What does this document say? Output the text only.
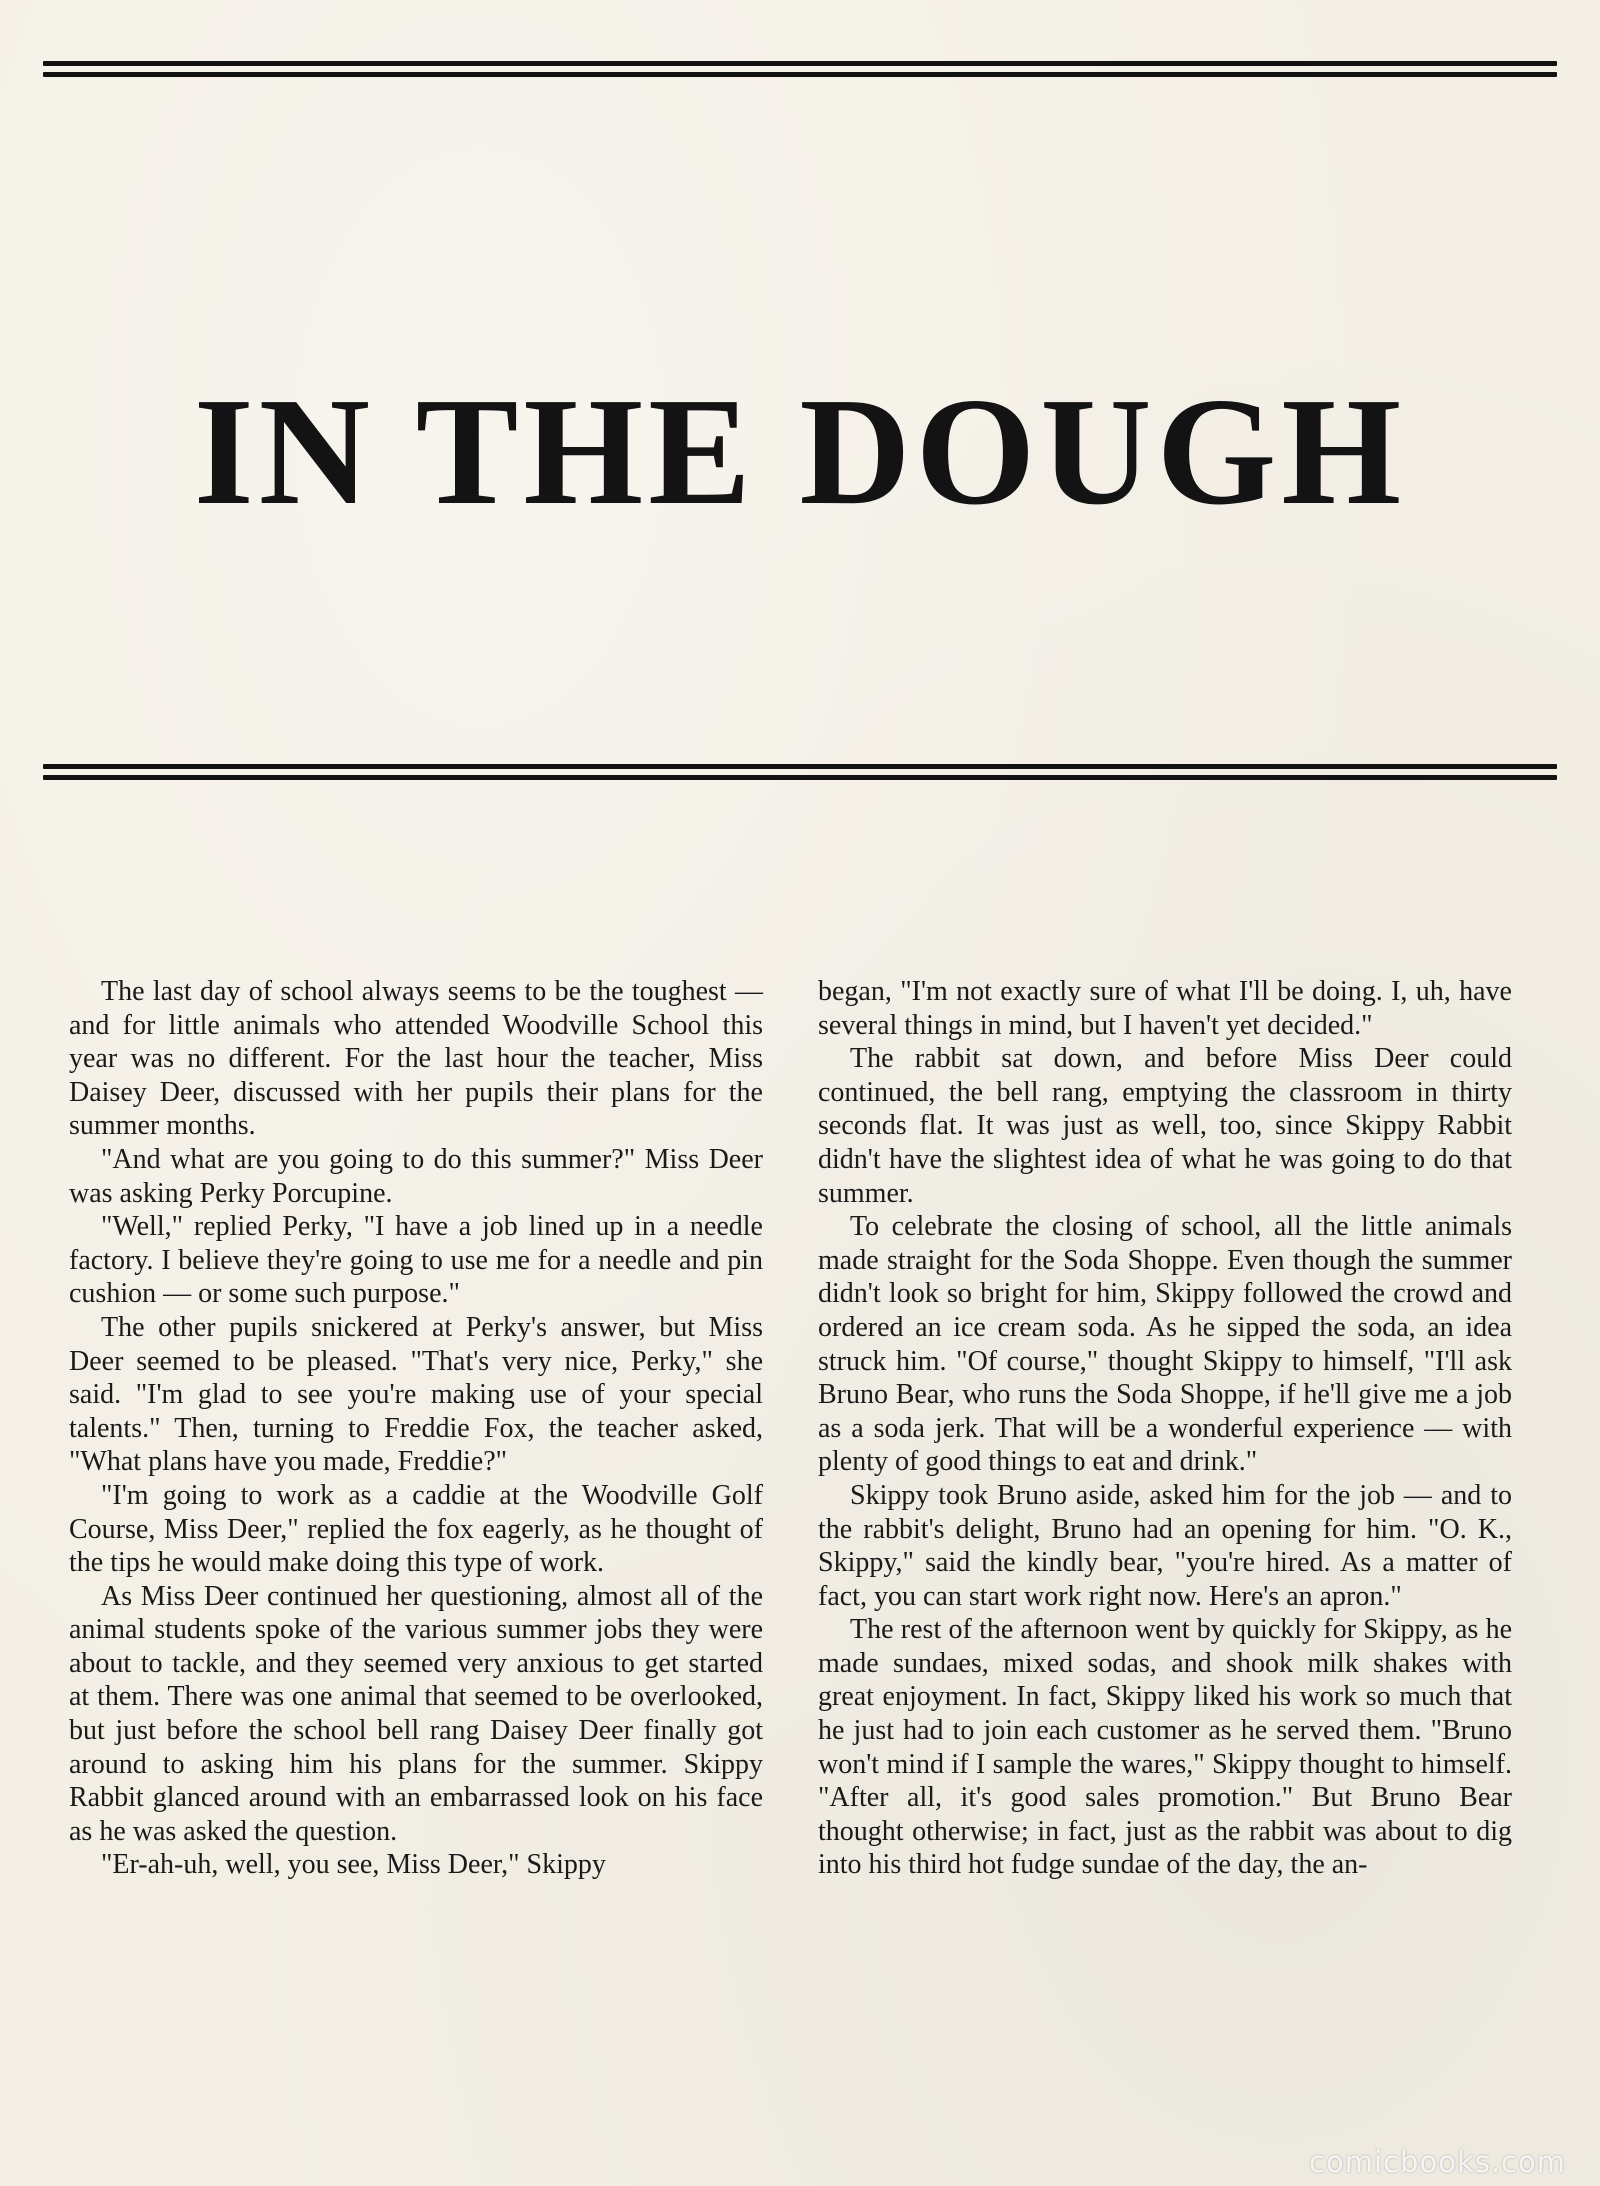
IN THE DOUGH

The last day of school always seems to be the toughest — and for little animals who attended Woodville School this year was no different. For the last hour the teacher, Miss Daisey Deer, discussed with her pupils their plans for the summer months.

"And what are you going to do this summer?" Miss Deer was asking Perky Porcupine.

"Well," replied Perky, "I have a job lined up in a needle factory. I believe they're going to use me for a needle and pin cushion — or some such purpose."

The other pupils snickered at Perky's answer, but Miss Deer seemed to be pleased. "That's very nice, Perky," she said. "I'm glad to see you're making use of your special talents." Then, turning to Freddie Fox, the teacher asked, "What plans have you made, Freddie?"

"I'm going to work as a caddie at the Woodville Golf Course, Miss Deer," replied the fox eagerly, as he thought of the tips he would make doing this type of work.

As Miss Deer continued her questioning, almost all of the animal students spoke of the various summer jobs they were about to tackle, and they seemed very anxious to get started at them. There was one animal that seemed to be overlooked, but just before the school bell rang Daisey Deer finally got around to asking him his plans for the summer. Skippy Rabbit glanced around with an embarrassed look on his face as he was asked the question.

"Er-ah-uh, well, you see, Miss Deer," Skippy

began, "I'm not exactly sure of what I'll be doing. I, uh, have several things in mind, but I haven't yet decided."

The rabbit sat down, and before Miss Deer could continued, the bell rang, emptying the classroom in thirty seconds flat. It was just as well, too, since Skippy Rabbit didn't have the slightest idea of what he was going to do that summer.

To celebrate the closing of school, all the little animals made straight for the Soda Shoppe. Even though the summer didn't look so bright for him, Skippy followed the crowd and ordered an ice cream soda. As he sipped the soda, an idea struck him. "Of course," thought Skippy to himself, "I'll ask Bruno Bear, who runs the Soda Shoppe, if he'll give me a job as a soda jerk. That will be a wonderful experience — with plenty of good things to eat and drink."

Skippy took Bruno aside, asked him for the job — and to the rabbit's delight, Bruno had an opening for him. "O. K., Skippy," said the kindly bear, "you're hired. As a matter of fact, you can start work right now. Here's an apron."

The rest of the afternoon went by quickly for Skippy, as he made sundaes, mixed sodas, and shook milk shakes with great enjoyment. In fact, Skippy liked his work so much that he just had to join each customer as he served them. "Bruno won't mind if I sample the wares," Skippy thought to himself. "After all, it's good sales promotion." But Bruno Bear thought otherwise; in fact, just as the rabbit was about to dig into his third hot fudge sundae of the day, the an-

comicbooks.com
